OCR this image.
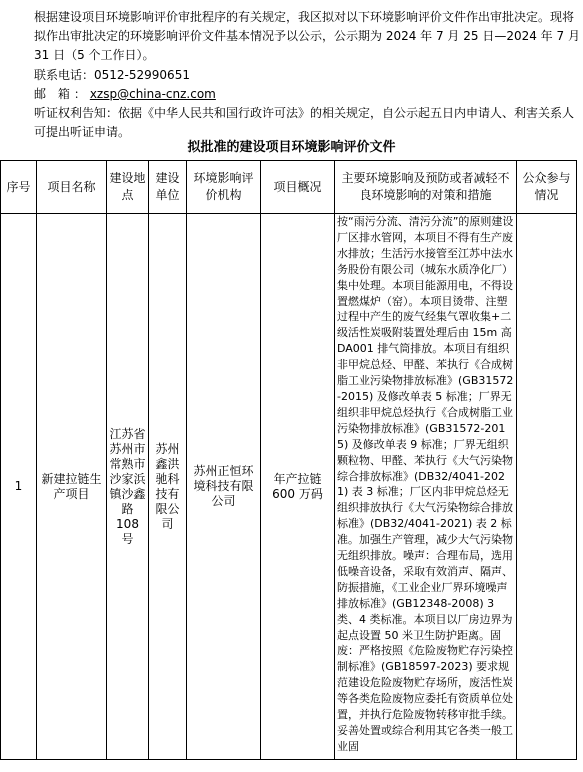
根据建设项目环境影响评价审批程序的有关规定，我区拟对以下环境影响评价文件作出审批决定。现将拟作出审批决定的环境影响评价文件基本情况予以公示，公示期为 2024 年 7 月 25 日—2024 年 7 月 31 日（5 个工作日）。

联系电话：0512-52990651

邮 箱：xzsp@china-cnz.com

听证权利告知：依据《中华人民共和国行政许可法》的相关规定，自公示起五日内申请人、利害关系人可提出听证申请。

拟批准的建设项目环境影响评价文件
序号	项目名称	建设地点	建设单位	环境影响评价机构	项目概况	主要环境影响及预防或者减轻不良环境影响的对策和措施	公众参与情况
1	新建拉链生产项目	江苏省苏州市常熟市沙家浜镇沙鑫路 108 号	苏州鑫洪驰科技有限公司	苏州正恒环境科技有限公司	年产拉链 600 万码	按“雨污分流、清污分流”的原则建设厂区排水管网，本项目不得有生产废水排放；生活污水接管至江苏中法水务股份有限公司（城东水质净化厂）集中处理。本项目能源用电，不得设置燃煤炉（窑）。本项目烫带、注塑过程中产生的废气经集气罩收集+二级活性炭吸附装置处理后由 15m 高 DA001 排气筒排放。本项目有组织非甲烷总烃、甲醛、苯执行《合成树脂工业污染物排放标准》(GB31572-2015) 及修改单表 5 标准；厂界无组织非甲烷总烃执行《合成树脂工业污染物排放标准》(GB31572-2015) 及修改单表 9 标准；厂界无组织颗粒物、甲醛、苯执行《大气污染物综合排放标准》(DB32/4041-2021) 表 3 标准；厂区内非甲烷总烃无组织排放执行《大气污染物综合排放标准》(DB32/4041-2021) 表 2 标准。加强生产管理，减少大气污染物无组织排放。噪声：合理布局，选用低噪音设备，采取有效消声、隔声、防振措施，《工业企业厂界环境噪声排放标准》(GB12348-2008) 3 类、4 类标准。本项目以厂房边界为起点设置 50 米卫生防护距离。固废：严格按照《危险废物贮存污染控制标准》(GB18597-2023) 要求规范建设危险废物贮存场所，废活性炭等各类危险废物应委托有资质单位处置，并执行危险废物转移审批手续。妥善处置或综合利用其它各类一般工业固	
